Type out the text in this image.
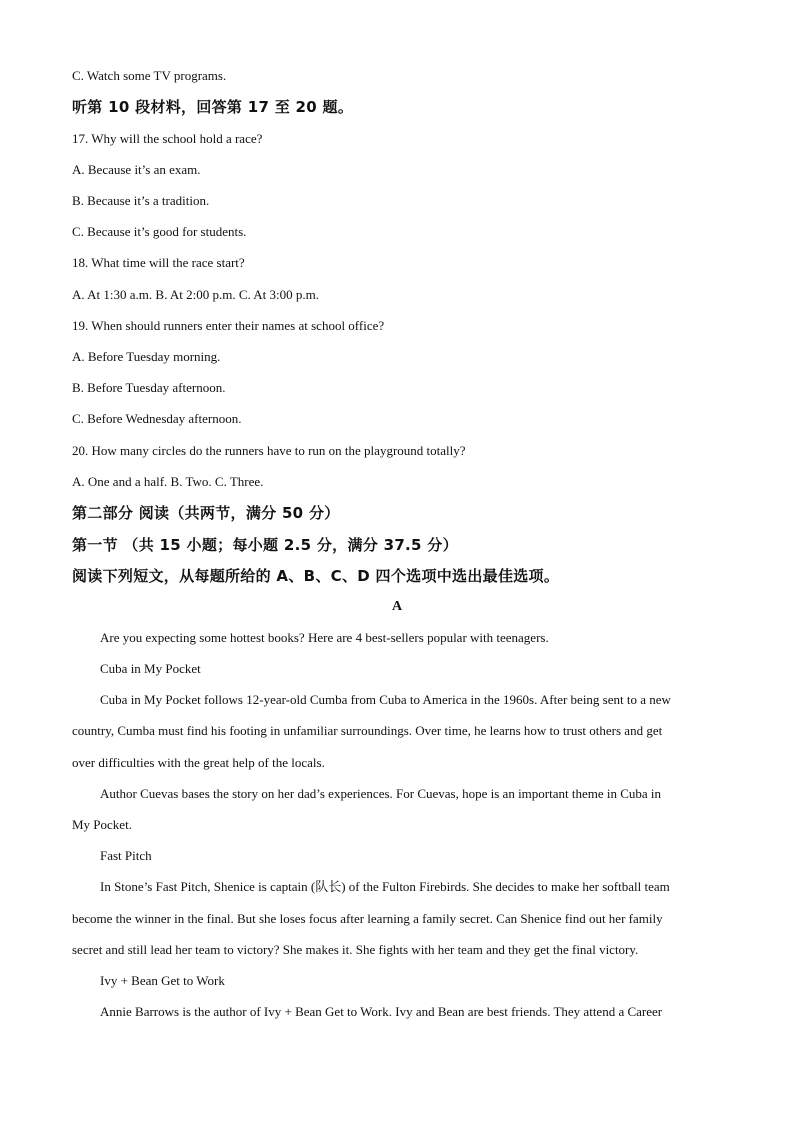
C. Watch some TV programs.
听第 10 段材料，回答第 17 至 20 题。
17. Why will the school hold a race?
A. Because it’s an exam.
B. Because it’s a tradition.
C. Because it’s good for students.
18. What time will the race start?
A. At 1:30 a.m. B. At 2:00 p.m. C. At 3:00 p.m.
19. When should runners enter their names at school office?
A. Before Tuesday morning.
B. Before Tuesday afternoon.
C. Before Wednesday afternoon.
20. How many circles do the runners have to run on the playground totally?
A. One and a half. B. Two. C. Three.
第二部分 阅读（共两节，满分 50 分）
第一节 （共 15 小题；每小题 2.5 分，满分 37.5 分）
阅读下列短文，从每题所给的 A、B、C、D 四个选项中选出最佳选项。
A
Are you expecting some hottest books? Here are 4 best-sellers popular with teenagers.
Cuba in My Pocket
Cuba in My Pocket follows 12-year-old Cumba from Cuba to America in the 1960s. After being sent to a new
country, Cumba must find his footing in unfamiliar surroundings. Over time, he learns how to trust others and get
over difficulties with the great help of the locals.
Author Cuevas bases the story on her dad’s experiences. For Cuevas, hope is an important theme in Cuba in
My Pocket.
Fast Pitch
In Stone’s Fast Pitch, Shenice is captain (队长) of the Fulton Firebirds. She decides to make her softball team
become the winner in the final. But she loses focus after learning a family secret. Can Shenice find out her family
secret and still lead her team to victory? She makes it. She fights with her team and they get the final victory.
Ivy + Bean Get to Work
Annie Barrows is the author of Ivy + Bean Get to Work. Ivy and Bean are best friends. They attend a Career
